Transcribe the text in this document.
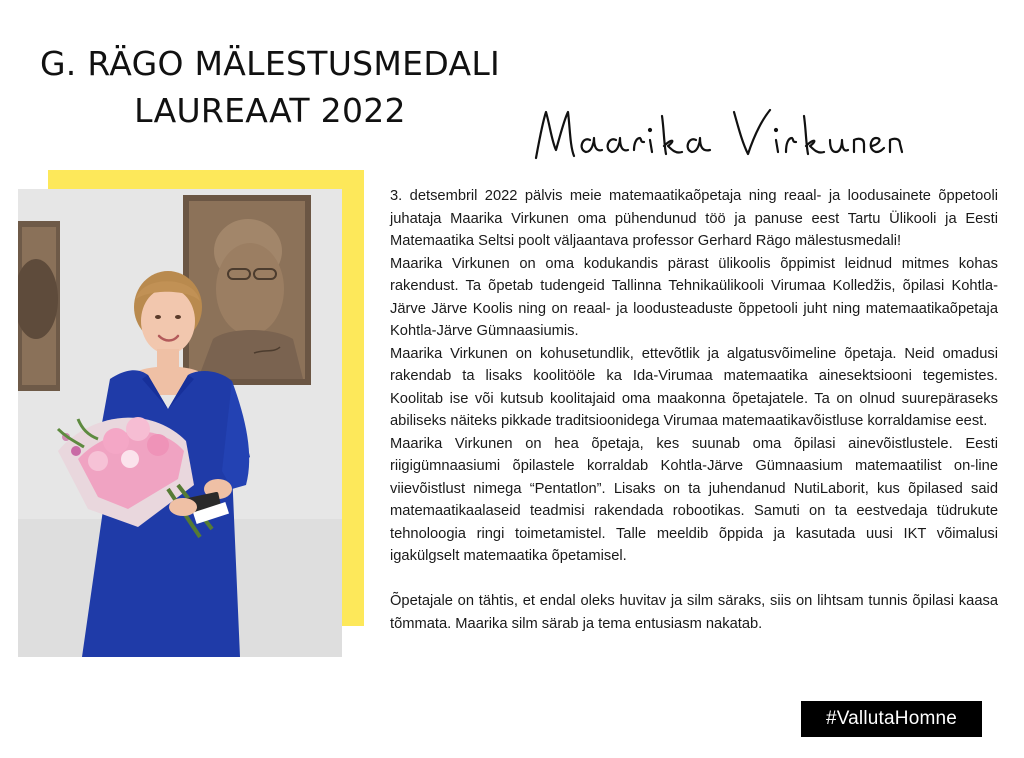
G. RÄGO MÄLESTUSMEDALI
LAUREAAT 2022

3. detsembril 2022 pälvis meie matemaatikaõpetaja ning reaal- ja loodusainete õppetooli juhataja Maarika Virkunen oma pühendunud töö ja panuse eest Tartu Ülikooli ja Eesti Matemaatika Seltsi poolt väljaantava professor Gerhard Rägo mälestusmedali!

Maarika Virkunen on oma kodukandis pärast ülikoolis õppimist leidnud mitmes kohas rakendust. Ta õpetab tudengeid Tallinna Tehnikaülikooli Virumaa Kolledžis, õpilasi Kohtla-Järve Järve Koolis ning on reaal- ja loodusteaduste õppetooli juht ning matemaatikaõpetaja Kohtla-Järve Gümnaasiumis.

Maarika Virkunen on kohusetundlik, ettevõtlik ja algatusvõimeline õpetaja. Neid omadusi rakendab ta lisaks koolitööle ka Ida-Virumaa matemaatika ainesektsiooni tegemistes. Koolitab ise või kutsub koolitajaid oma maakonna õpetajatele. Ta on olnud suurepäraseks abiliseks näiteks pikkade traditsioonidega Virumaa matemaatikavõistluse korraldamise eest.

Maarika Virkunen on hea õpetaja, kes suunab oma õpilasi ainevõistlustele. Eesti riigigümnaasiumi õpilastele korraldab Kohtla-Järve Gümnaasium matemaatilist on-line viievõistlust nimega “Pentatlon”. Lisaks on ta juhendanud NutiLaborit, kus õpilased said matemaatikaalaseid teadmisi rakendada robootikas. Samuti on ta eestvedaja tüdrukute tehnoloogia ringi toimetamistel. Talle meeldib õppida ja kasutada uusi IKT võimalusi igakülgselt matemaatika õpetamisel.

Õpetajale on tähtis, et endal oleks huvitav ja silm säraks, siis on lihtsam tunnis õpilasi kaasa tõmmata. Maarika silm särab ja tema entusiasm nakatab.

#VallutaHomne
